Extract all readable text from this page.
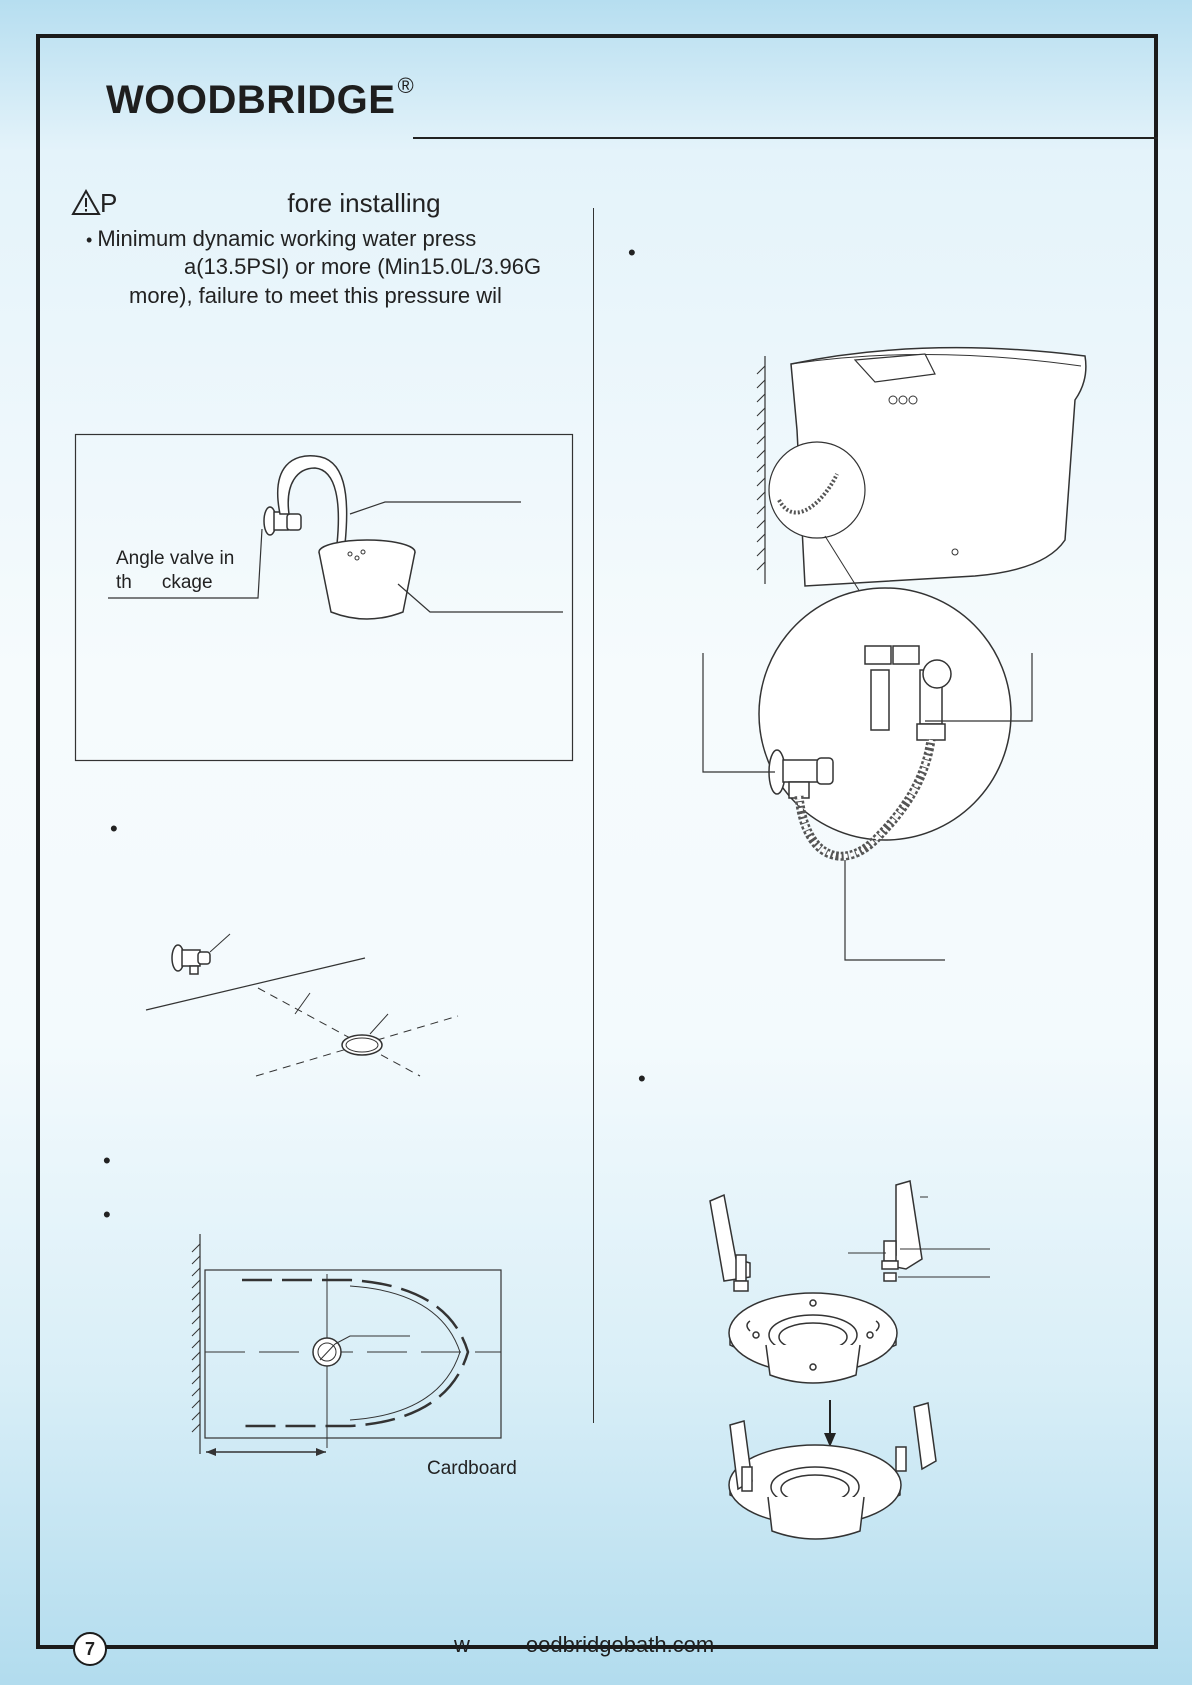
WOODBRIDGE®
P	fore installing
• Minimum dynamic working water press
a(13.5PSI) or more (Min15.0L/3.96G
more), failure to meet this pressure wil
Angle valve in
th ckage
•
•
•
Cardboard
•
•
7	w	oodbridgebath.com
